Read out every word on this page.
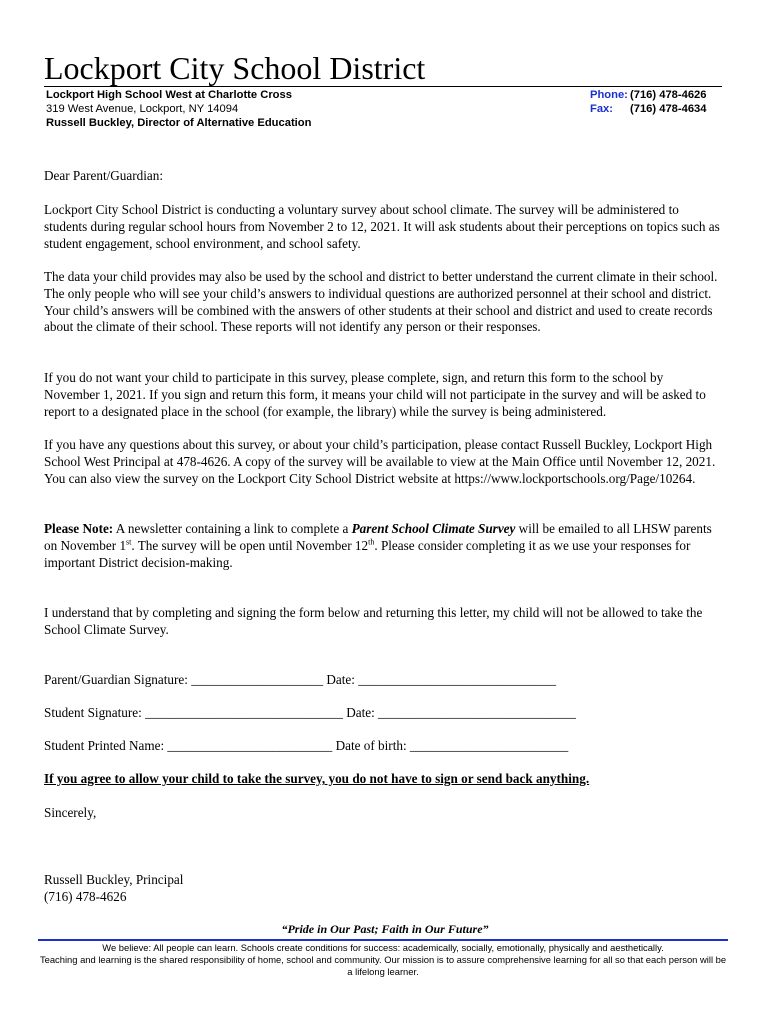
Lockport City School District
Lockport High School West at Charlotte Cross
319 West Avenue, Lockport, NY 14094
Russell Buckley, Director of Alternative Education
Phone: (716) 478-4626
Fax:	(716) 478-4634

Dear Parent/Guardian:

Lockport City School District is conducting a voluntary survey about school climate. The survey will be administered to students during regular school hours from November 2 to 12, 2021. It will ask students about their perceptions on topics such as student engagement, school environment, and school safety.

The data your child provides may also be used by the school and district to better understand the current climate in their school. The only people who will see your child’s answers to individual questions are authorized personnel at their school and district. Your child’s answers will be combined with the answers of other students at their school and district and used to create records about the climate of their school. These reports will not identify any person or their responses.

If you do not want your child to participate in this survey, please complete, sign, and return this form to the school by November 1, 2021. If you sign and return this form, it means your child will not participate in the survey and will be asked to report to a designated place in the school (for example, the library) while the survey is being administered.

If you have any questions about this survey, or about your child’s participation, please contact Russell Buckley, Lockport High School West Principal at 478-4626. A copy of the survey will be available to view at the Main Office until November 12, 2021. You can also view the survey on the Lockport City School District website at https://www.lockportschools.org/Page/10264.

Please Note: A newsletter containing a link to complete a Parent School Climate Survey will be emailed to all LHSW parents on November 1st. The survey will be open until November 12th. Please consider completing it as we use your responses for important District decision-making.

I understand that by completing and signing the form below and returning this letter, my child will not be allowed to take the School Climate Survey.

Parent/Guardian Signature: ____________________ Date: ______________________________
Student Signature: ______________________________ Date: ______________________________
Student Printed Name: _________________________ Date of birth: ________________________
If you agree to allow your child to take the survey, you do not have to sign or send back anything.
Sincerely,
Russell Buckley, Principal
(716) 478-4626
“Pride in Our Past; Faith in Our Future”
We believe: All people can learn. Schools create conditions for success: academically, socially, emotionally, physically and aesthetically.
Teaching and learning is the shared responsibility of home, school and community. Our mission is to assure comprehensive learning for all so that each person will be a lifelong learner.
